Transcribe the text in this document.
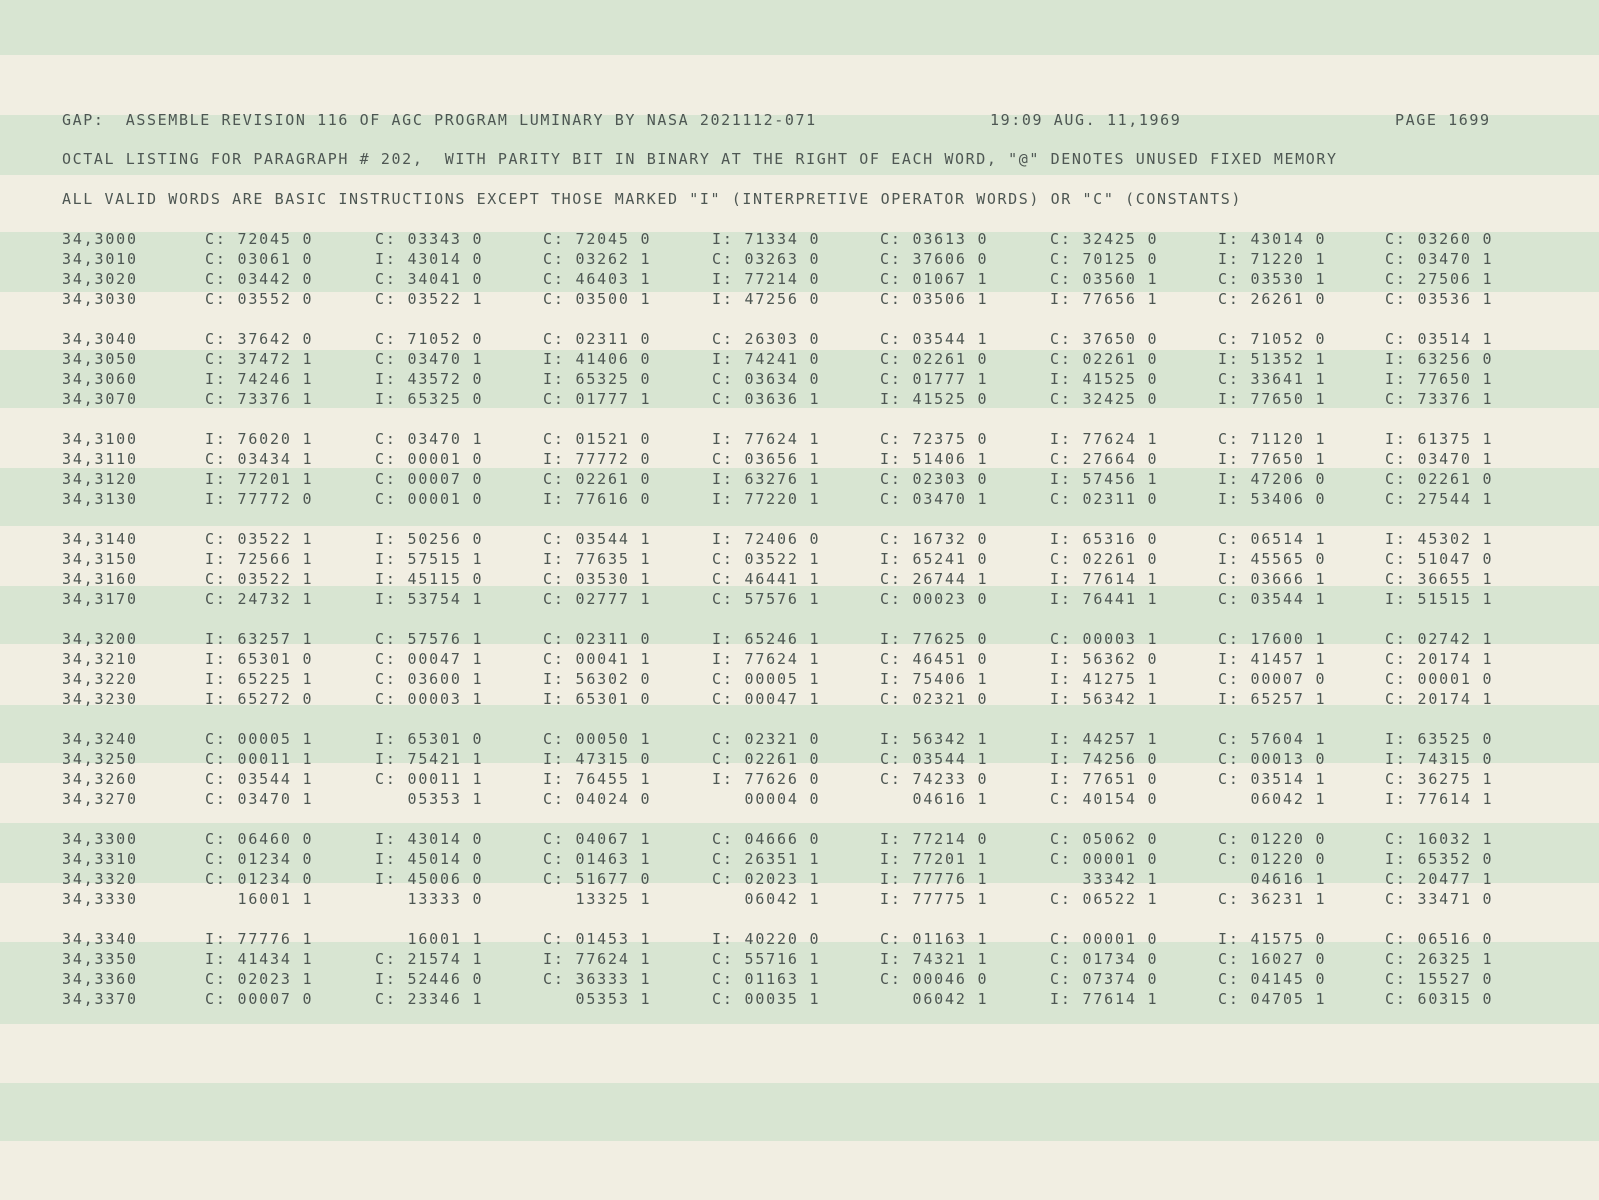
GAP:  ASSEMBLE REVISION 116 OF AGC PROGRAM LUMINARY BY NASA 2021112-071	19:09 AUG. 11,1969	PAGE 1699
OCTAL LISTING FOR PARAGRAPH # 202,  WITH PARITY BIT IN BINARY AT THE RIGHT OF EACH WORD, "@" DENOTES UNUSED FIXED MEMORY
ALL VALID WORDS ARE BASIC INSTRUCTIONS EXCEPT THOSE MARKED "I" (INTERPRETIVE OPERATOR WORDS) OR "C" (CONSTANTS)
34,3000	C: 72045 0	C: 03343 0	C: 72045 0	I: 71334 0	C: 03613 0	C: 32425 0	I: 43014 0	C: 03260 0
34,3010	C: 03061 0	I: 43014 0	C: 03262 1	C: 03263 0	C: 37606 0	C: 70125 0	I: 71220 1	C: 03470 1
34,3020	C: 03442 0	C: 34041 0	C: 46403 1	I: 77214 0	C: 01067 1	C: 03560 1	C: 03530 1	C: 27506 1
34,3030	C: 03552 0	C: 03522 1	C: 03500 1	I: 47256 0	C: 03506 1	I: 77656 1	C: 26261 0	C: 03536 1
34,3040	C: 37642 0	C: 71052 0	C: 02311 0	C: 26303 0	C: 03544 1	C: 37650 0	C: 71052 0	C: 03514 1
34,3050	C: 37472 1	C: 03470 1	I: 41406 0	I: 74241 0	C: 02261 0	C: 02261 0	I: 51352 1	I: 63256 0
34,3060	I: 74246 1	I: 43572 0	I: 65325 0	C: 03634 0	C: 01777 1	I: 41525 0	C: 33641 1	I: 77650 1
34,3070	C: 73376 1	I: 65325 0	C: 01777 1	C: 03636 1	I: 41525 0	C: 32425 0	I: 77650 1	C: 73376 1
34,3100	I: 76020 1	C: 03470 1	C: 01521 0	I: 77624 1	C: 72375 0	I: 77624 1	C: 71120 1	I: 61375 1
34,3110	C: 03434 1	C: 00001 0	I: 77772 0	C: 03656 1	I: 51406 1	C: 27664 0	I: 77650 1	C: 03470 1
34,3120	I: 77201 1	C: 00007 0	C: 02261 0	I: 63276 1	C: 02303 0	I: 57456 1	I: 47206 0	C: 02261 0
34,3130	I: 77772 0	C: 00001 0	I: 77616 0	I: 77220 1	C: 03470 1	C: 02311 0	I: 53406 0	C: 27544 1
34,3140	C: 03522 1	I: 50256 0	C: 03544 1	I: 72406 0	C: 16732 0	I: 65316 0	C: 06514 1	I: 45302 1
34,3150	I: 72566 1	I: 57515 1	I: 77635 1	C: 03522 1	I: 65241 0	C: 02261 0	I: 45565 0	C: 51047 0
34,3160	C: 03522 1	I: 45115 0	C: 03530 1	C: 46441 1	C: 26744 1	I: 77614 1	C: 03666 1	C: 36655 1
34,3170	C: 24732 1	I: 53754 1	C: 02777 1	C: 57576 1	C: 00023 0	I: 76441 1	C: 03544 1	I: 51515 1
34,3200	I: 63257 1	C: 57576 1	C: 02311 0	I: 65246 1	I: 77625 0	C: 00003 1	C: 17600 1	C: 02742 1
34,3210	I: 65301 0	C: 00047 1	C: 00041 1	I: 77624 1	C: 46451 0	I: 56362 0	I: 41457 1	C: 20174 1
34,3220	I: 65225 1	C: 03600 1	I: 56302 0	C: 00005 1	I: 75406 1	I: 41275 1	C: 00007 0	C: 00001 0
34,3230	I: 65272 0	C: 00003 1	I: 65301 0	C: 00047 1	C: 02321 0	I: 56342 1	I: 65257 1	C: 20174 1
34,3240	C: 00005 1	I: 65301 0	C: 00050 1	C: 02321 0	I: 56342 1	I: 44257 1	C: 57604 1	I: 63525 0
34,3250	C: 00011 1	I: 75421 1	I: 47315 0	C: 02261 0	C: 03544 1	I: 74256 0	C: 00013 0	I: 74315 0
34,3260	C: 03544 1	C: 00011 1	I: 76455 1	I: 77626 0	C: 74233 0	I: 77651 0	C: 03514 1	C: 36275 1
34,3270	C: 03470 1	05353 1	C: 04024 0	00004 0	04616 1	C: 40154 0	06042 1	I: 77614 1
34,3300	C: 06460 0	I: 43014 0	C: 04067 1	C: 04666 0	I: 77214 0	C: 05062 0	C: 01220 0	C: 16032 1
34,3310	C: 01234 0	I: 45014 0	C: 01463 1	C: 26351 1	I: 77201 1	C: 00001 0	C: 01220 0	I: 65352 0
34,3320	C: 01234 0	I: 45006 0	C: 51677 0	C: 02023 1	I: 77776 1	33342 1	04616 1	C: 20477 1
34,3330	16001 1	13333 0	13325 1	06042 1	I: 77775 1	C: 06522 1	C: 36231 1	C: 33471 0
34,3340	I: 77776 1	16001 1	C: 01453 1	I: 40220 0	C: 01163 1	C: 00001 0	I: 41575 0	C: 06516 0
34,3350	I: 41434 1	C: 21574 1	I: 77624 1	C: 55716 1	I: 74321 1	C: 01734 0	C: 16027 0	C: 26325 1
34,3360	C: 02023 1	I: 52446 0	C: 36333 1	C: 01163 1	C: 00046 0	C: 07374 0	C: 04145 0	C: 15527 0
34,3370	C: 00007 0	C: 23346 1	05353 1	C: 00035 1	06042 1	I: 77614 1	C: 04705 1	C: 60315 0
